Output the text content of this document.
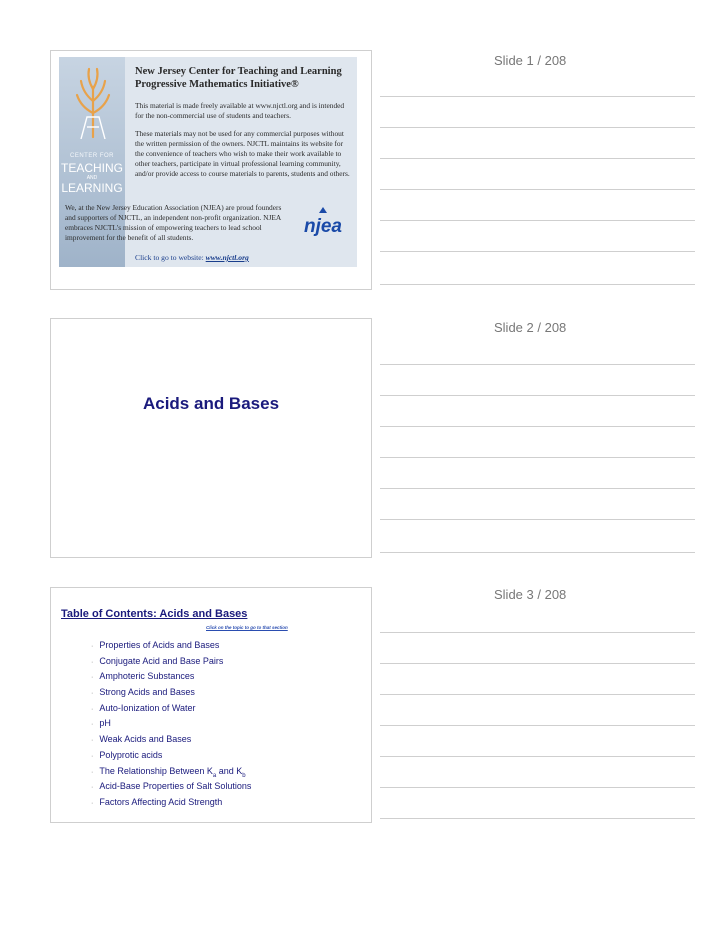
Slide 1 / 208
CENTER FOR
TEACHING
AND
LEARNING
New Jersey Center for Teaching and Learning
Progressive Mathematics Initiative®
This material is made freely available at www.njctl.org and is intended for the non-commercial use of students and teachers.
These materials may not be used for any commercial purposes without the written permission of the owners. NJCTL maintains its website for the convenience of teachers who wish to make their work available to other teachers, participate in virtual professional learning community, and/or provide access to course materials to parents, students and others.
We, at the New Jersey Education Association (NJEA) are proud founders and supporters of NJCTL, an independent non-profit organization. NJEA embraces NJCTL's mission of empowering teachers to lead school improvement for the benefit of all students.
njea
Click to go to website: www.njctl.org
Slide 2 / 208
Acids and Bases
Slide 3 / 208
Table of Contents: Acids and Bases
Click on the topic to go to that section
· Properties of Acids and Bases
· Conjugate Acid and Base Pairs
· Amphoteric Substances
· Strong Acids and Bases
· Auto-Ionization of Water
· pH
· Weak Acids and Bases
· Polyprotic acids
· The Relationship Between $K_a$ and $K_b$
· Acid-Base Properties of Salt Solutions
· Factors Affecting Acid Strength
